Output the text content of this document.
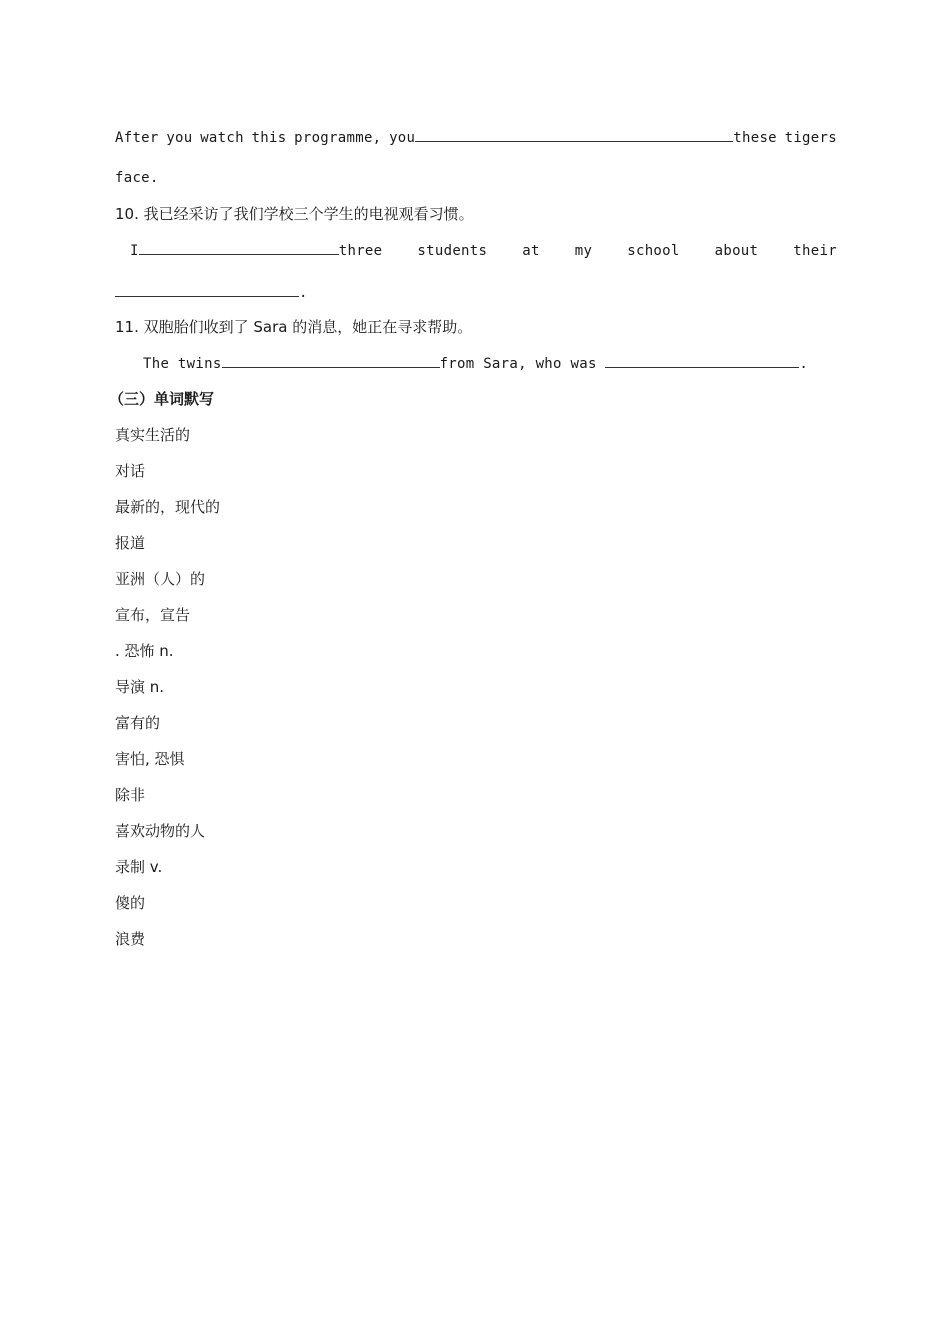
After you watch this programme, you	these tigers
face.
10. 我已经采访了我们学校三个学生的电视观看习惯。
I	three	students	at	my	school	about	their
.
11. 双胞胎们收到了 Sara 的消息，她正在寻求帮助。
The twins	from Sara, who was	.
（三）单词默写
真实生活的
对话
最新的，现代的
报道
亚洲（人）的
宣布，宣告
. 恐怖 n.
导演 n.
富有的
害怕, 恐惧
除非
喜欢动物的人
录制 v.
傻的
浪费
